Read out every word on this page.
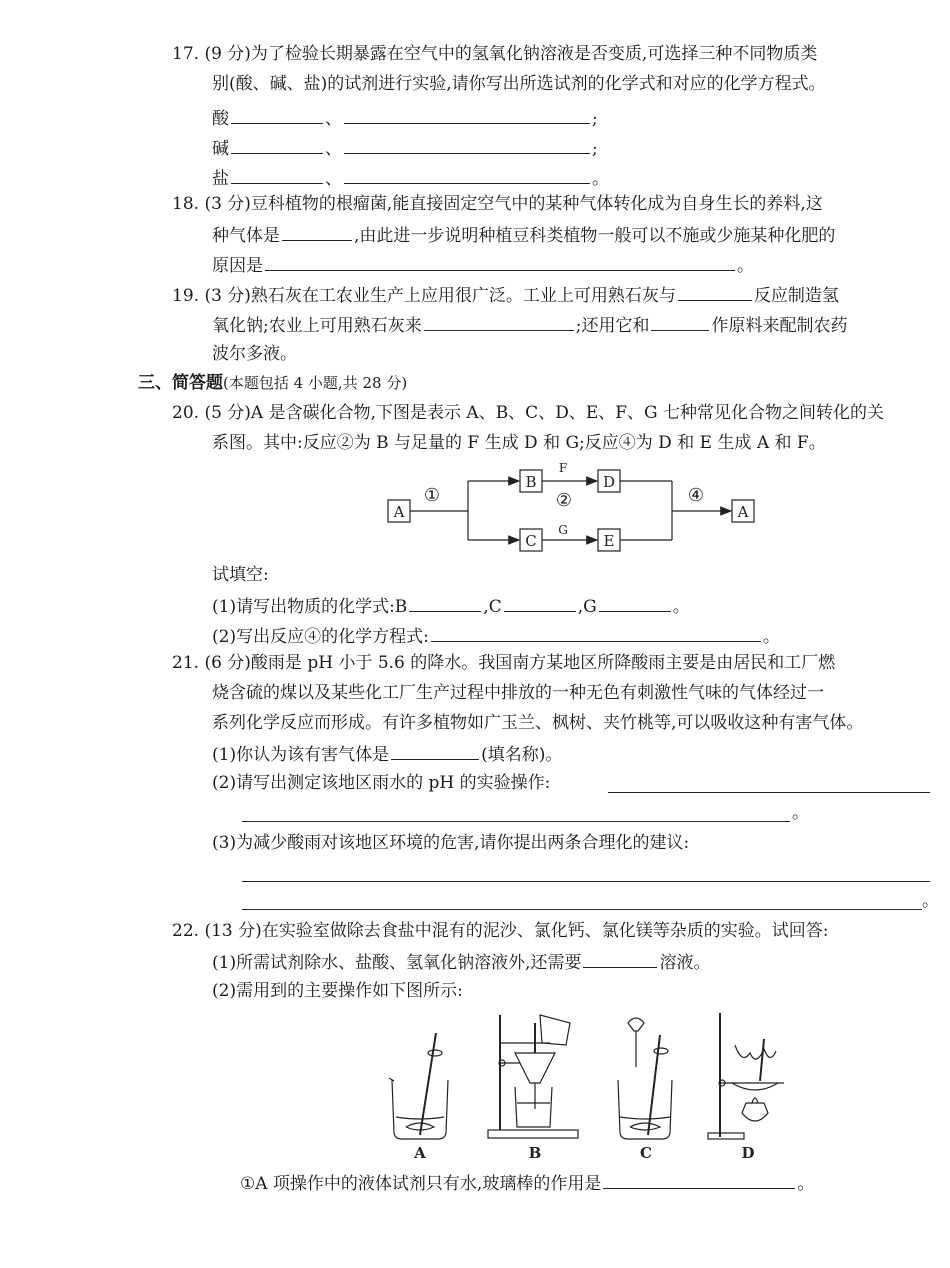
17. (9 分)为了检验长期暴露在空气中的氢氧化钠溶液是否变质,可选择三种不同物质类
别(酸、碱、盐)的试剂进行实验,请你写出所选试剂的化学式和对应的化学方程式。
酸	、	;
碱	、	;
盐	、	。
18. (3 分)豆科植物的根瘤菌,能直接固定空气中的某种气体转化成为自身生长的养料,这
种气体是	,由此进一步说明种植豆科类植物一般可以不施或少施某种化肥的
原因是	。
19. (3 分)熟石灰在工农业生产上应用很广泛。工业上可用熟石灰与	反应制造氢
氧化钠;农业上可用熟石灰来	;还用它和	作原料来配制农药
波尔多液。
三、简答题(本题包括 4 小题,共 28 分)
20. (5 分)A 是含碳化合物,下图是表示 A、B、C、D、E、F、G 七种常见化合物之间转化的关
系图。其中:反应②为 B 与足量的 F 生成 D 和 G;反应④为 D 和 E 生成 A 和 F。
A
B
C
D
E
A
①	②	④
F
G
试填空:
(1)请写出物质的化学式:B	,C	,G	。
(2)写出反应④的化学方程式:	。
21. (6 分)酸雨是 pH 小于 5.6 的降水。我国南方某地区所降酸雨主要是由居民和工厂燃
烧含硫的煤以及某些化工厂生产过程中排放的一种无色有刺激性气味的气体经过一
系列化学反应而形成。有许多植物如广玉兰、枫树、夹竹桃等,可以吸收这种有害气体。
(1)你认为该有害气体是	(填名称)。
(2)请写出测定该地区雨水的 pH 的实验操作:
。
(3)为减少酸雨对该地区环境的危害,请你提出两条合理化的建议:
。
22. (13 分)在实验室做除去食盐中混有的泥沙、氯化钙、氯化镁等杂质的实验。试回答:
(1)所需试剂除水、盐酸、氢氧化钠溶液外,还需要	溶液。
(2)需用到的主要操作如下图所示:
A	B	C	D
①A 项操作中的液体试剂只有水,玻璃棒的作用是	。
